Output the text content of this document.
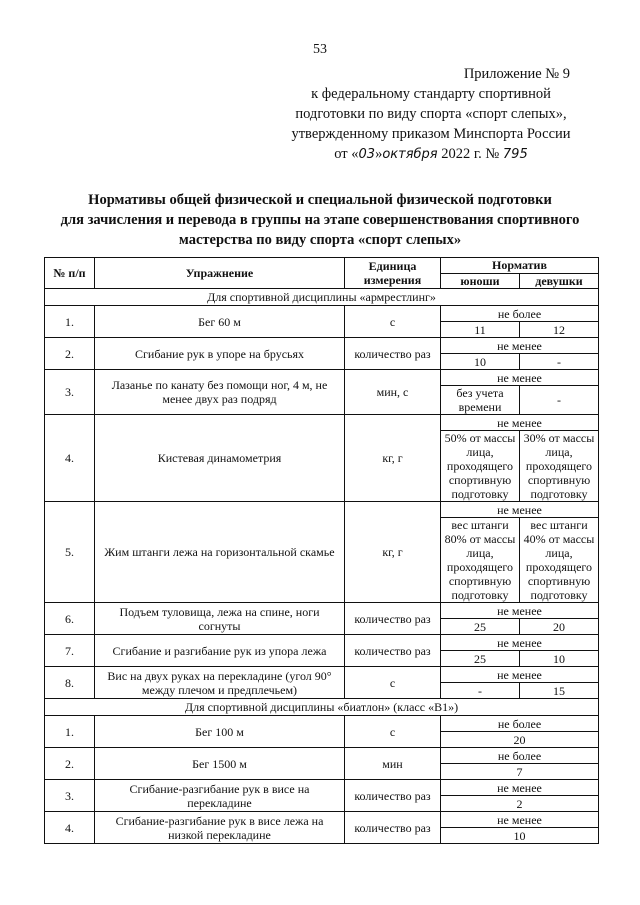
53
Приложение № 9
к федеральному стандарту спортивной
подготовки по виду спорта «спорт слепых»,
утвержденному приказом Минспорта России
от «03»октября 2022 г. № 795
Нормативы общей физической и специальной физической подготовки
для зачисления и перевода в группы на этапе совершенствования спортивного
мастерства по виду спорта «спорт слепых»
№ п/п	Упражнение	Единица измерения	Норматив	
			юноши	девушки
Для спортивной дисциплины «армрестлинг»				
1.	Бег 60 м	с	не более	
			11	12
2.	Сгибание рук в упоре на брусьях	количество раз	не менее	
			10	-
3.	Лазанье по канату без помощи ног, 4 м, не менее двух раз подряд	мин, с	не менее	
			без учета времени	-
4.	Кистевая динамометрия	кг, г	не менее	
			50% от массы лица, проходящего спортивную подготовку	30% от массы лица, проходящего спортивную подготовку
5.	Жим штанги лежа на горизонтальной скамье	кг, г	не менее	
			вес штанги 80% от массы лица, проходящего спортивную подготовку	вес штанги 40% от массы лица, проходящего спортивную подготовку
6.	Подъем туловища, лежа на спине, ноги согнуты	количество раз	не менее	
			25	20
7.	Сгибание и разгибание рук из упора лежа	количество раз	не менее	
			25	10
8.	Вис на двух руках на перекладине (угол 90° между плечом и предплечьем)	с	не менее	
			-	15
Для спортивной дисциплины «биатлон» (класс «В1»)				
1.	Бег 100 м	с	не более	
			20	
2.	Бег 1500 м	мин	не более	
			7	
3.	Сгибание-разгибание рук в висе на перекладине	количество раз	не менее	
			2	
4.	Сгибание-разгибание рук в висе лежа на низкой перекладине	количество раз	не менее	
			10	
